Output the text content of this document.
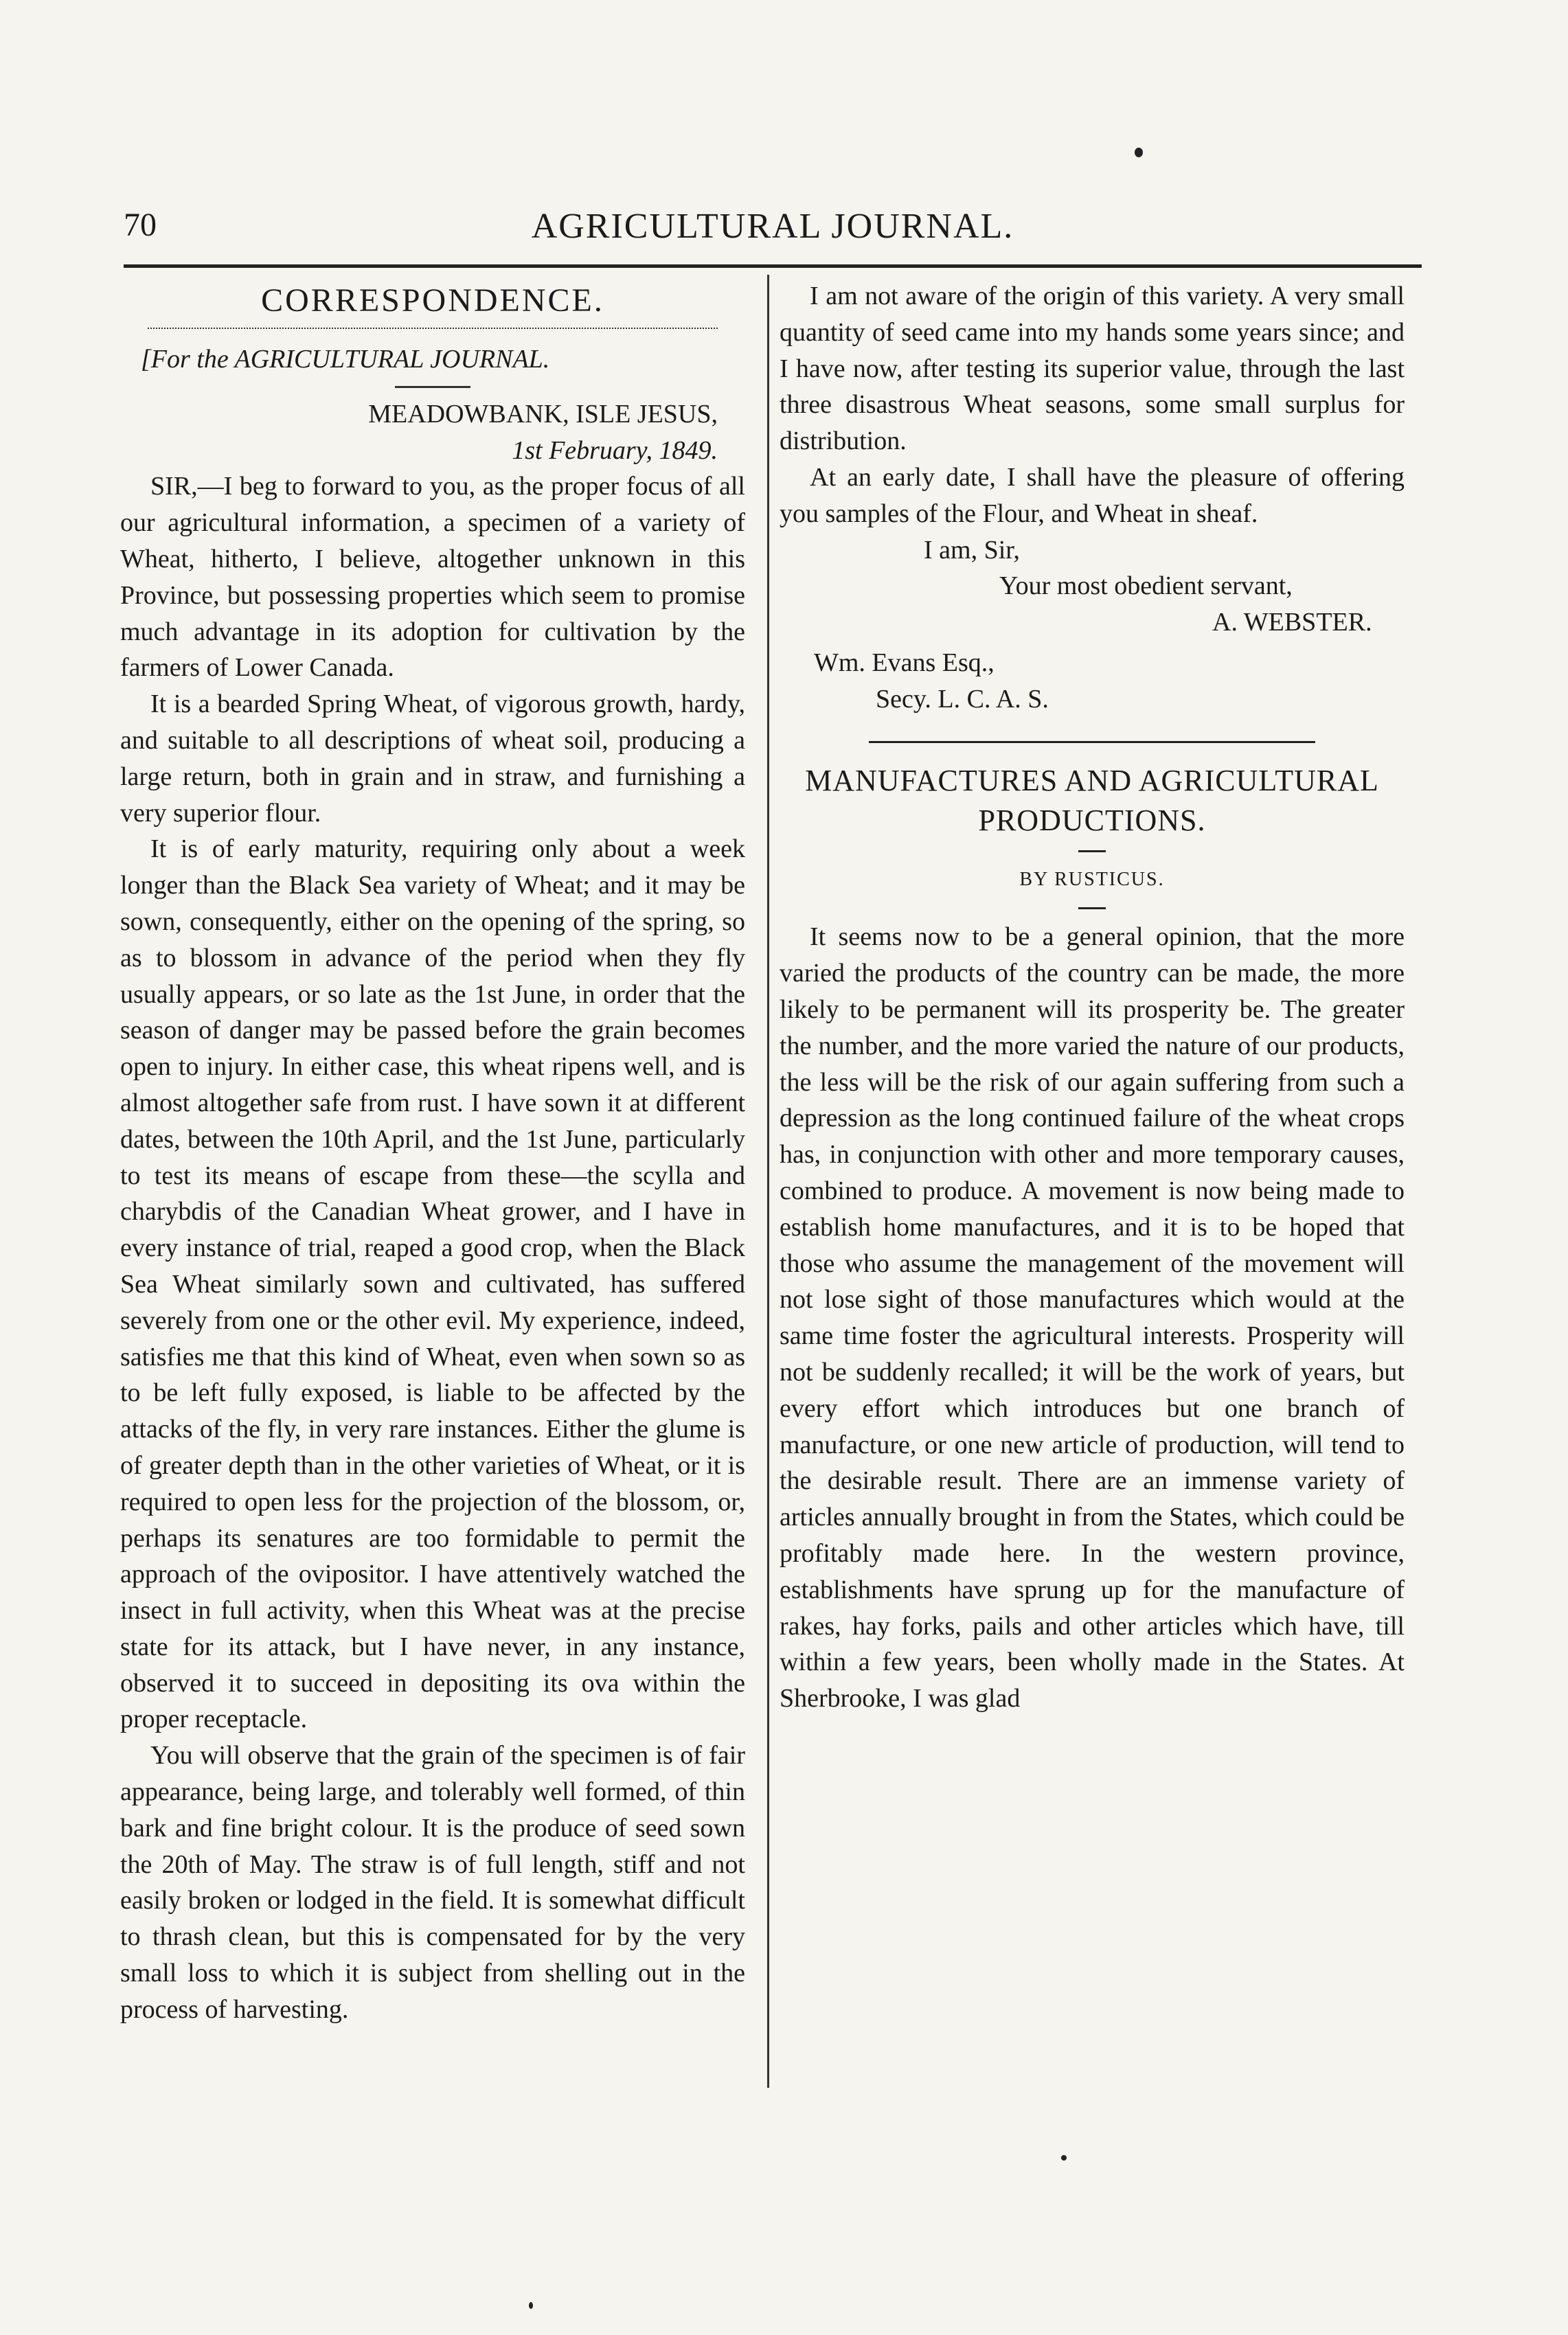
70	AGRICULTURAL JOURNAL.
CORRESPONDENCE.

[For the AGRICULTURAL JOURNAL.

MEADOWBANK, ISLE JESUS,

1st February, 1849.

SIR,—I beg to forward to you, as the proper focus of all our agricultural information, a specimen of a variety of Wheat, hitherto, I believe, altogether unknown in this Province, but possessing properties which seem to promise much advantage in its adoption for cultivation by the farmers of Lower Canada.

It is a bearded Spring Wheat, of vigorous growth, hardy, and suitable to all descriptions of wheat soil, producing a large return, both in grain and in straw, and furnishing a very superior flour.

It is of early maturity, requiring only about a week longer than the Black Sea variety of Wheat; and it may be sown, consequently, either on the opening of the spring, so as to blossom in advance of the period when they fly usually appears, or so late as the 1st June, in order that the season of danger may be passed before the grain becomes open to injury. In either case, this wheat ripens well, and is almost altogether safe from rust. I have sown it at different dates, between the 10th April, and the 1st June, particularly to test its means of escape from these—the scylla and charybdis of the Canadian Wheat grower, and I have in every instance of trial, reaped a good crop, when the Black Sea Wheat similarly sown and cultivated, has suffered severely from one or the other evil. My experience, indeed, satisfies me that this kind of Wheat, even when sown so as to be left fully exposed, is liable to be affected by the attacks of the fly, in very rare instances. Either the glume is of greater depth than in the other varieties of Wheat, or it is required to open less for the projection of the blossom, or, perhaps its senatures are too formidable to permit the approach of the ovipositor. I have attentively watched the insect in full activity, when this Wheat was at the precise state for its attack, but I have never, in any instance, observed it to succeed in depositing its ova within the proper receptacle.

You will observe that the grain of the specimen is of fair appearance, being large, and tolerably well formed, of thin bark and fine bright colour. It is the produce of seed sown the 20th of May. The straw is of full length, stiff and not easily broken or lodged in the field. It is somewhat difficult to thrash clean, but this is compensated for by the very small loss to which it is subject from shelling out in the process of harvesting.

I am not aware of the origin of this variety. A very small quantity of seed came into my hands some years since; and I have now, after testing its superior value, through the last three disastrous Wheat seasons, some small surplus for distribution.

At an early date, I shall have the pleasure of offering you samples of the Flour, and Wheat in sheaf.

I am, Sir,

Your most obedient servant,

A. WEBSTER.

Wm. Evans Esq.,

Secy. L. C. A. S.

MANUFACTURES AND AGRICULTURAL
PRODUCTIONS.
BY RUSTICUS.

It seems now to be a general opinion, that the more varied the products of the country can be made, the more likely to be permanent will its prosperity be. The greater the number, and the more varied the nature of our products, the less will be the risk of our again suffering from such a depression as the long continued failure of the wheat crops has, in conjunction with other and more temporary causes, combined to produce. A movement is now being made to establish home manufactures, and it is to be hoped that those who assume the management of the movement will not lose sight of those manufactures which would at the same time foster the agricultural interests. Prosperity will not be suddenly recalled; it will be the work of years, but every effort which introduces but one branch of manufacture, or one new article of production, will tend to the desirable result. There are an immense variety of articles annually brought in from the States, which could be profitably made here. In the western province, establishments have sprung up for the manufacture of rakes, hay forks, pails and other articles which have, till within a few years, been wholly made in the States. At Sherbrooke, I was glad
